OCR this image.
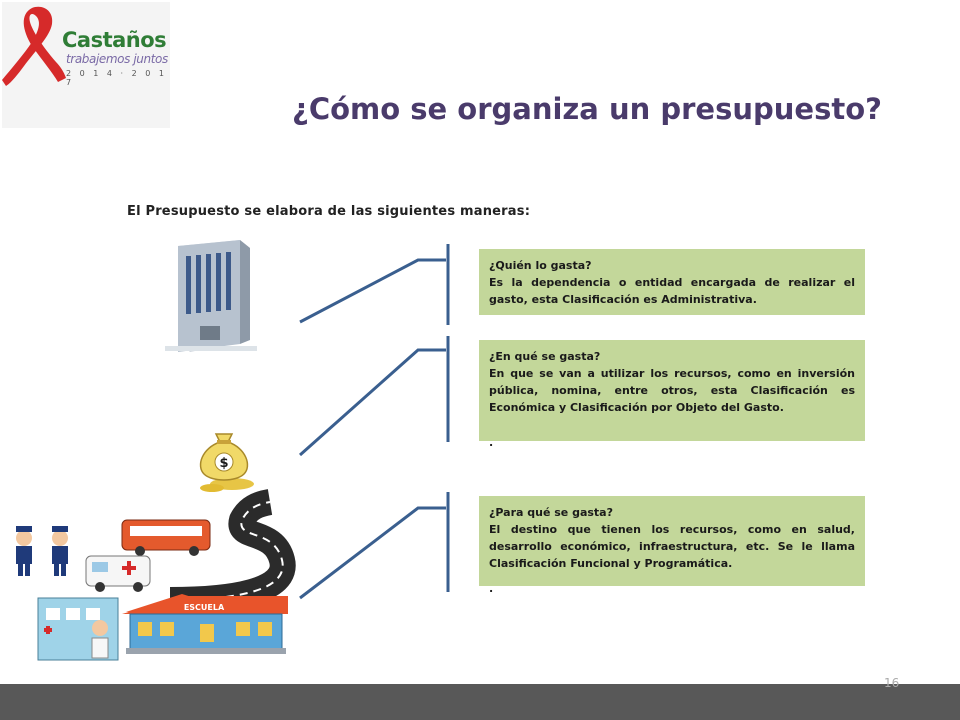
Castaños
trabajemos juntos
2 0 1 4 · 2 0 1 7
¿Cómo se organiza un presupuesto?
El Presupuesto se elabora de las siguientes maneras:
$
ESCUELA
¿Quién lo gasta?
Es la dependencia o entidad encargada de realizar el gasto, esta Clasificación es Administrativa.
¿En qué se gasta?
En que se van a utilizar los recursos, como en inversión pública, nomina, entre otros, esta Clasificación es Económica y Clasificación por Objeto del Gasto.
.
¿Para qué se gasta?
El destino que tienen los recursos, como en salud, desarrollo económico, infraestructura, etc. Se le llama Clasificación Funcional y Programática.
.
16
